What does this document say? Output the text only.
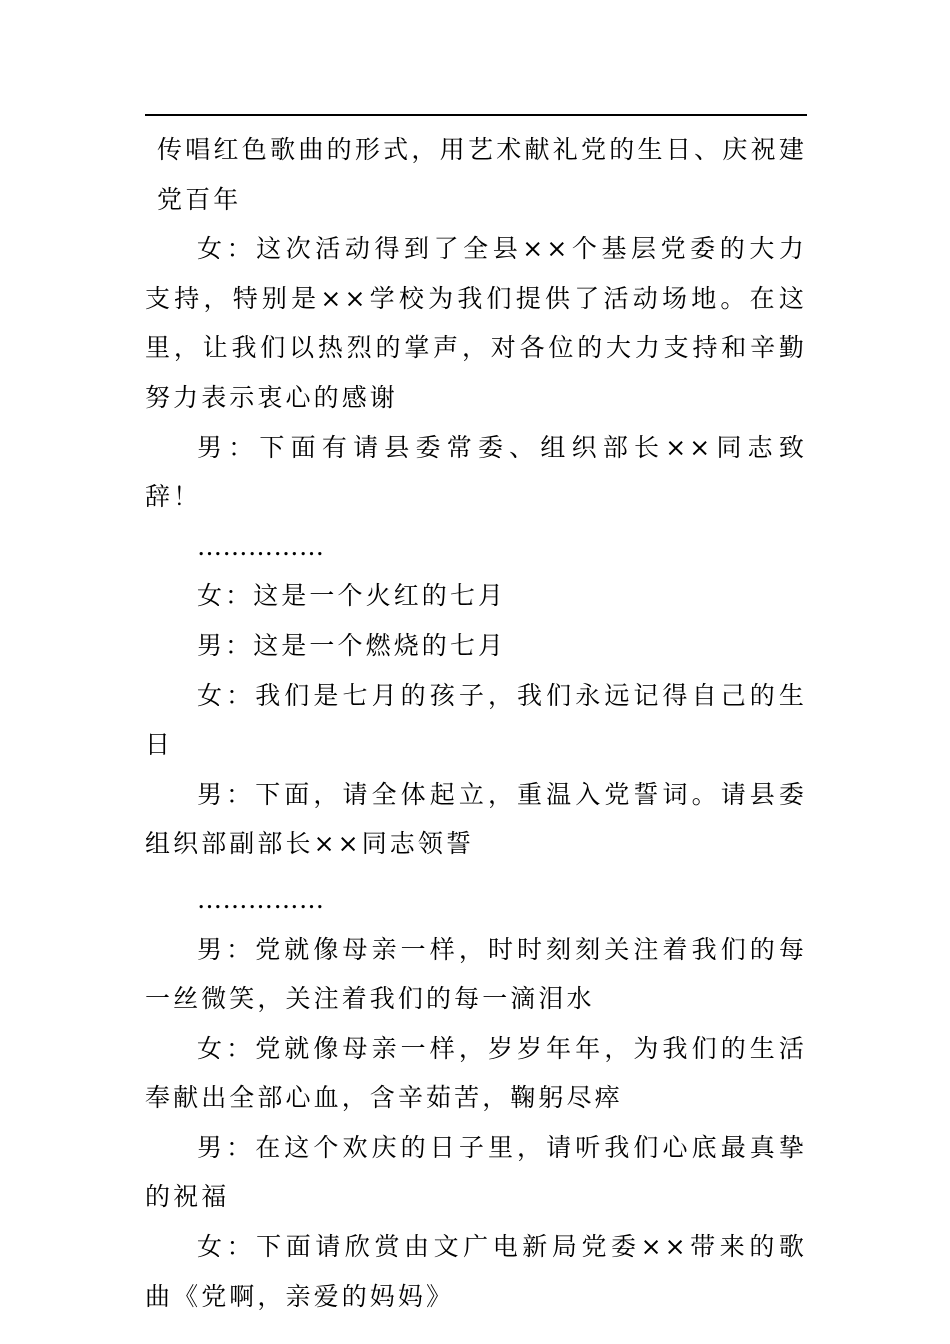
传唱红色歌曲的形式，用艺术献礼党的生日、庆祝建党百年

女：这次活动得到了全县××个基层党委的大力支持，特别是××学校为我们提供了活动场地。在这里，让我们以热烈的掌声，对各位的大力支持和辛勤努力表示衷心的感谢

男：下面有请县委常委、组织部长××同志致辞！

……………

女：这是一个火红的七月

男：这是一个燃烧的七月

女：我们是七月的孩子，我们永远记得自己的生日

男：下面，请全体起立，重温入党誓词。请县委组织部副部长××同志领誓

……………

男：党就像母亲一样，时时刻刻关注着我们的每一丝微笑，关注着我们的每一滴泪水

女：党就像母亲一样，岁岁年年，为我们的生活奉献出全部心血，含辛茹苦，鞠躬尽瘁

男：在这个欢庆的日子里，请听我们心底最真挚的祝福

女：下面请欣赏由文广电新局党委××带来的歌曲《党啊，亲爱的妈妈》
